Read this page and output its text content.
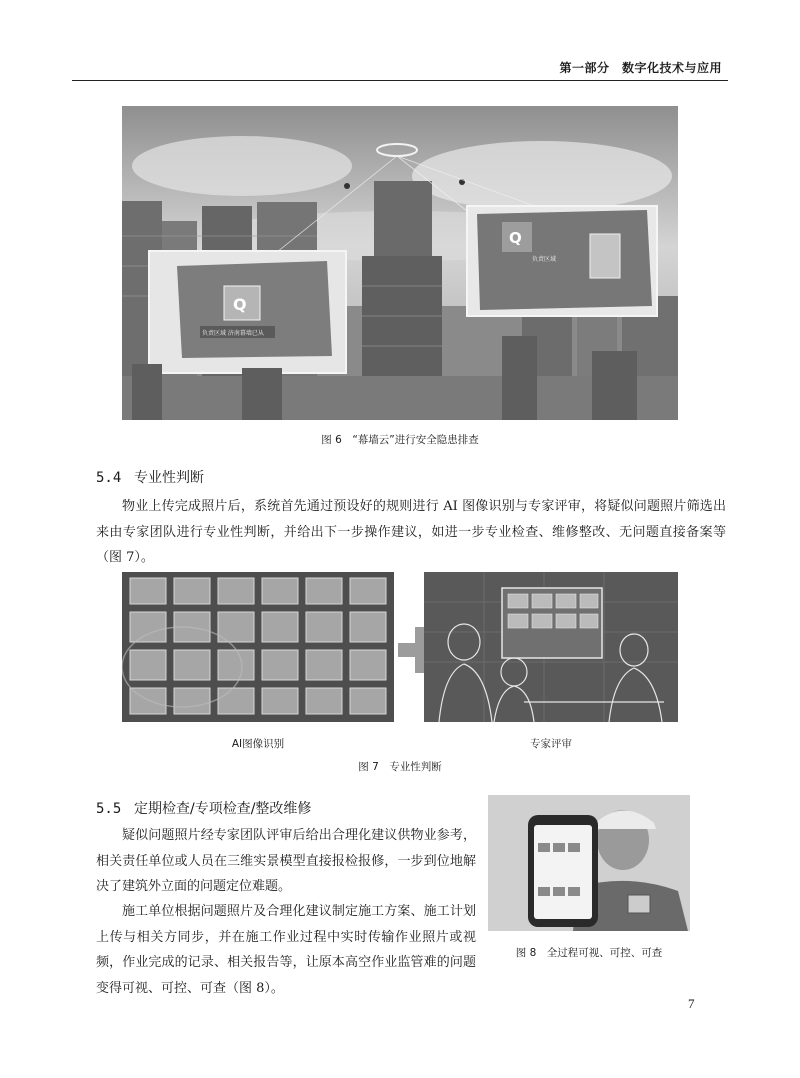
第一部分　数字化技术与应用
Q
负责区域 济南幕墙已从
Q
负责区域
图 6　“幕墙云”进行安全隐患排查
5.4 专业性判断
物业上传完成照片后，系统首先通过预设好的规则进行 AI 图像识别与专家评审，将疑似问题照片筛选出来由专家团队进行专业性判断，并给出下一步操作建议，如进一步专业检查、维修整改、无问题直接备案等（图 7）。
AI图像识别	专家评审
图 7　专业性判断
5.5 定期检查/专项检查/整改维修
疑似问题照片经专家团队评审后给出合理化建议供物业参考，相关责任单位或人员在三维实景模型直接报检报修，一步到位地解决了建筑外立面的问题定位难题。
施工单位根据问题照片及合理化建议制定施工方案、施工计划上传与相关方同步，并在施工作业过程中实时传输作业照片或视频，作业完成的记录、相关报告等，让原本高空作业监管难的问题变得可视、可控、可查（图 8）。
图 8　全过程可视、可控、可查
7
